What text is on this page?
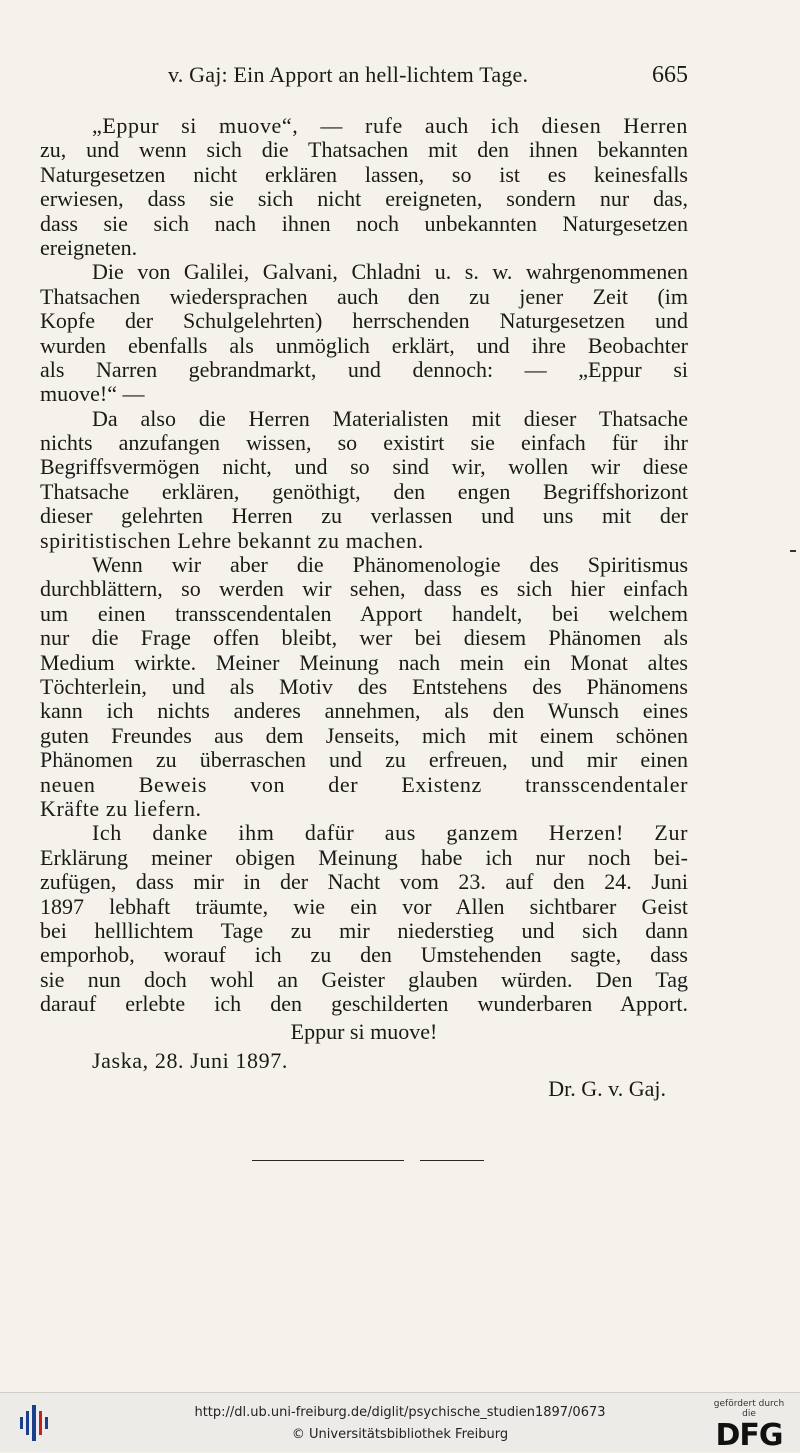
v. Gaj: Ein Apport an hell-lichtem Tage.	665
„Eppur si muove“, — rufe auch ich diesen Herren
zu, und wenn sich die Thatsachen mit den ihnen bekannten
Naturgesetzen nicht erklären lassen, so ist es keinesfalls
erwiesen, dass sie sich nicht ereigneten, sondern nur das,
dass sie sich nach ihnen noch unbekannten Naturgesetzen
ereigneten.
Die von Galilei, Galvani, Chladni u. s. w. wahrgenommenen
Thatsachen wiedersprachen auch den zu jener Zeit (im
Kopfe der Schulgelehrten) herrschenden Naturgesetzen und
wurden ebenfalls als unmöglich erklärt, und ihre Beobachter
als Narren gebrandmarkt, und dennoch: — „Eppur si
muove!“ —
Da also die Herren Materialisten mit dieser Thatsache
nichts anzufangen wissen, so existirt sie einfach für ihr
Begriffsvermögen nicht, und so sind wir, wollen wir diese
Thatsache erklären, genöthigt, den engen Begriffshorizont
dieser gelehrten Herren zu verlassen und uns mit der
spiritistischen Lehre bekannt zu machen.
Wenn wir aber die Phänomenologie des Spiritismus
durchblättern, so werden wir sehen, dass es sich hier einfach
um einen transscendentalen Apport handelt, bei welchem
nur die Frage offen bleibt, wer bei diesem Phänomen als
Medium wirkte. Meiner Meinung nach mein ein Monat altes
Töchterlein, und als Motiv des Entstehens des Phänomens
kann ich nichts anderes annehmen, als den Wunsch eines
guten Freundes aus dem Jenseits, mich mit einem schönen
Phänomen zu überraschen und zu erfreuen, und mir einen
neuen Beweis von der Existenz transscendentaler
Kräfte zu liefern.
Ich danke ihm dafür aus ganzem Herzen! Zur
Erklärung meiner obigen Meinung habe ich nur noch bei-
zufügen, dass mir in der Nacht vom 23. auf den 24. Juni
1897 lebhaft träumte, wie ein vor Allen sichtbarer Geist
bei helllichtem Tage zu mir niederstieg und sich dann
emporhob, worauf ich zu den Umstehenden sagte, dass
sie nun doch wohl an Geister glauben würden. Den Tag
darauf erlebte ich den geschilderten wunderbaren Apport.
Eppur si muove!
Jaska, 28. Juni 1897.
Dr. G. v. Gaj.
http://dl.ub.uni-freiburg.de/diglit/psychische_studien1897/0673
© Universitätsbibliothek Freiburg
gefördert durch die
DFG
